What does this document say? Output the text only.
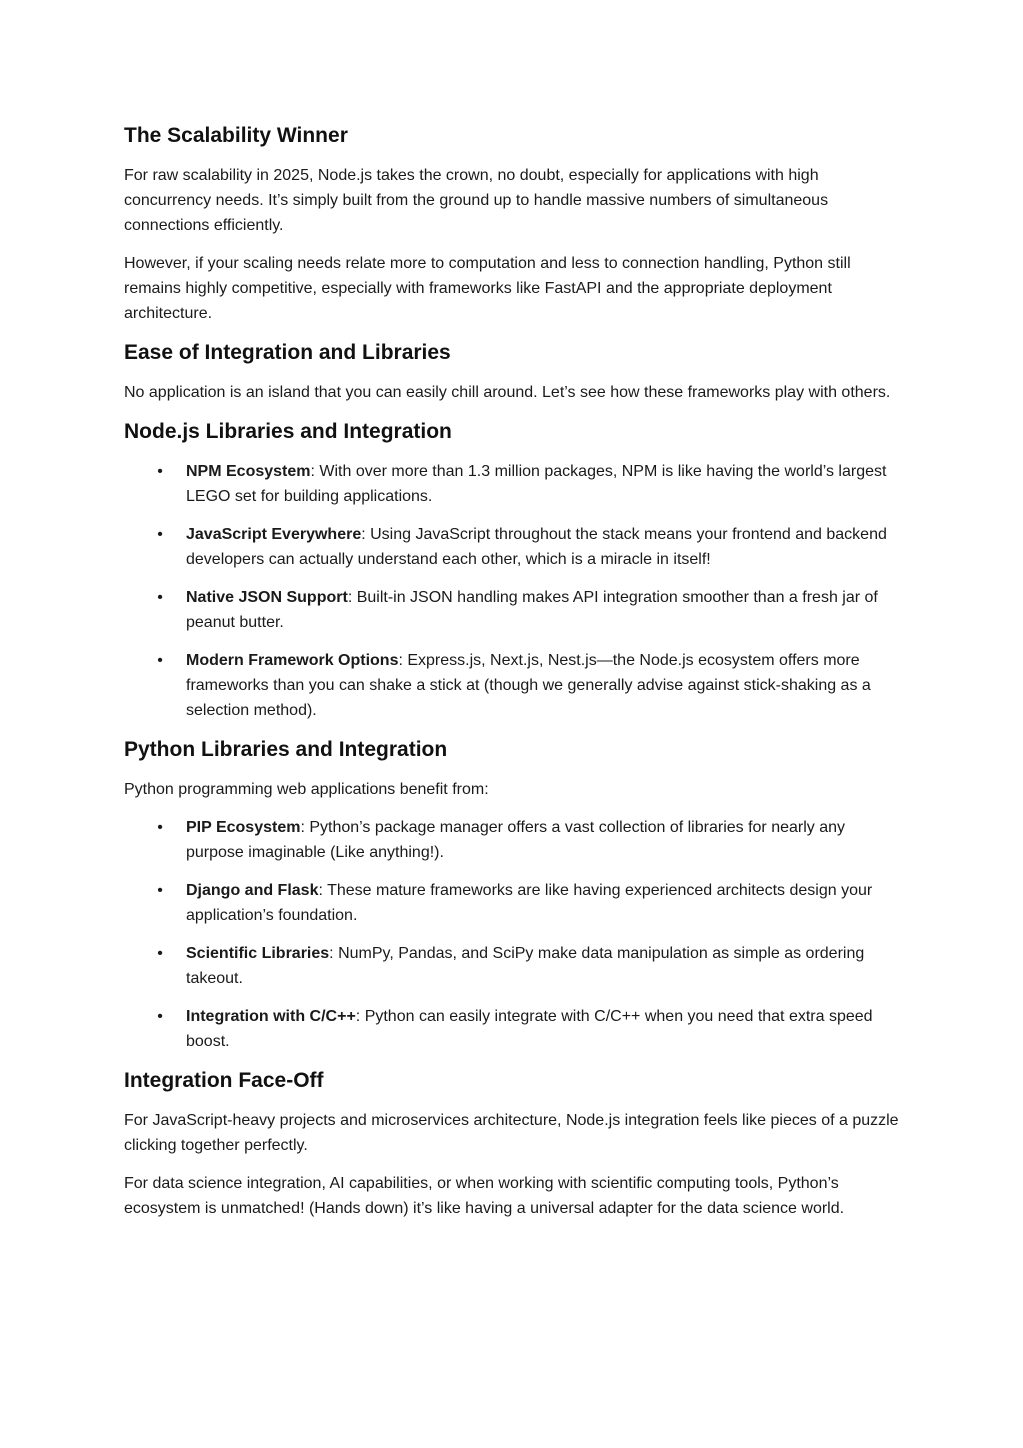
The Scalability Winner

For raw scalability in 2025, Node.js takes the crown, no doubt, especially for applications with high concurrency needs. It’s simply built from the ground up to handle massive numbers of simultaneous connections efficiently.

However, if your scaling needs relate more to computation and less to connection handling, Python still remains highly competitive, especially with frameworks like FastAPI and the appropriate deployment architecture.

Ease of Integration and Libraries

No application is an island that you can easily chill around. Let’s see how these frameworks play with others.

Node.js Libraries and Integration
• NPM Ecosystem: With over more than 1.3 million packages, NPM is like having the world’s largest LEGO set for building applications.
• JavaScript Everywhere: Using JavaScript throughout the stack means your frontend and backend developers can actually understand each other, which is a miracle in itself!
• Native JSON Support: Built-in JSON handling makes API integration smoother than a fresh jar of peanut butter.
• Modern Framework Options: Express.js, Next.js, Nest.js—the Node.js ecosystem offers more frameworks than you can shake a stick at (though we generally advise against stick-shaking as a selection method).
Python Libraries and Integration

Python programming web applications benefit from:

• PIP Ecosystem: Python’s package manager offers a vast collection of libraries for nearly any purpose imaginable (Like anything!).
• Django and Flask: These mature frameworks are like having experienced architects design your application’s foundation.
• Scientific Libraries: NumPy, Pandas, and SciPy make data manipulation as simple as ordering takeout.
• Integration with C/C++: Python can easily integrate with C/C++ when you need that extra speed boost.
Integration Face-Off

For JavaScript-heavy projects and microservices architecture, Node.js integration feels like pieces of a puzzle clicking together perfectly.

For data science integration, AI capabilities, or when working with scientific computing tools, Python’s ecosystem is unmatched! (Hands down) it’s like having a universal adapter for the data science world.
